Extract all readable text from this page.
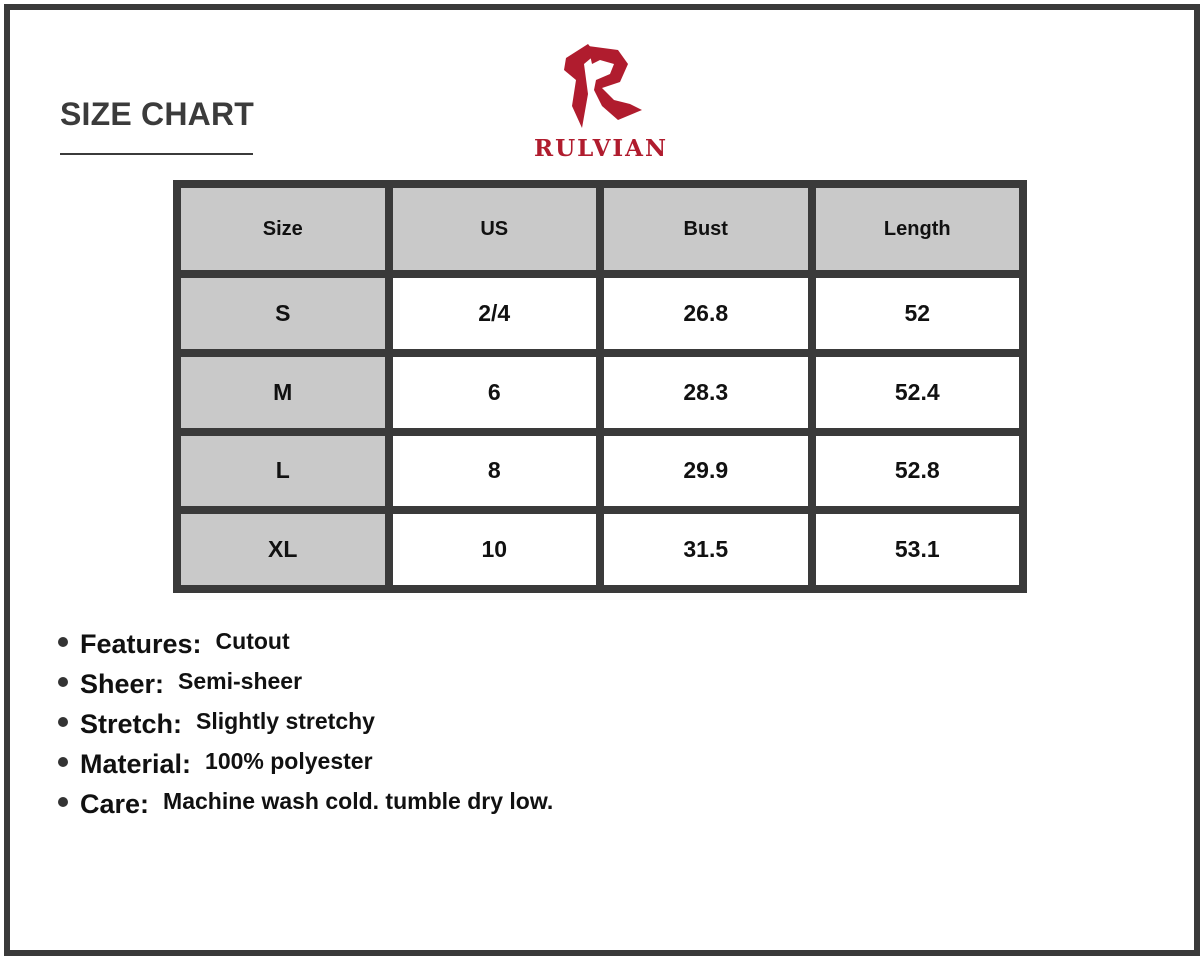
SIZE CHART
RULVIAN
Size	US	Bust	Length
S	2/4	26.8	52
M	6	28.3	52.4
L	8	29.9	52.8
XL	10	31.5	53.1
Features: Cutout
Sheer: Semi-sheer
Stretch: Slightly stretchy
Material: 100% polyester
Care: Machine wash cold. tumble dry low.
